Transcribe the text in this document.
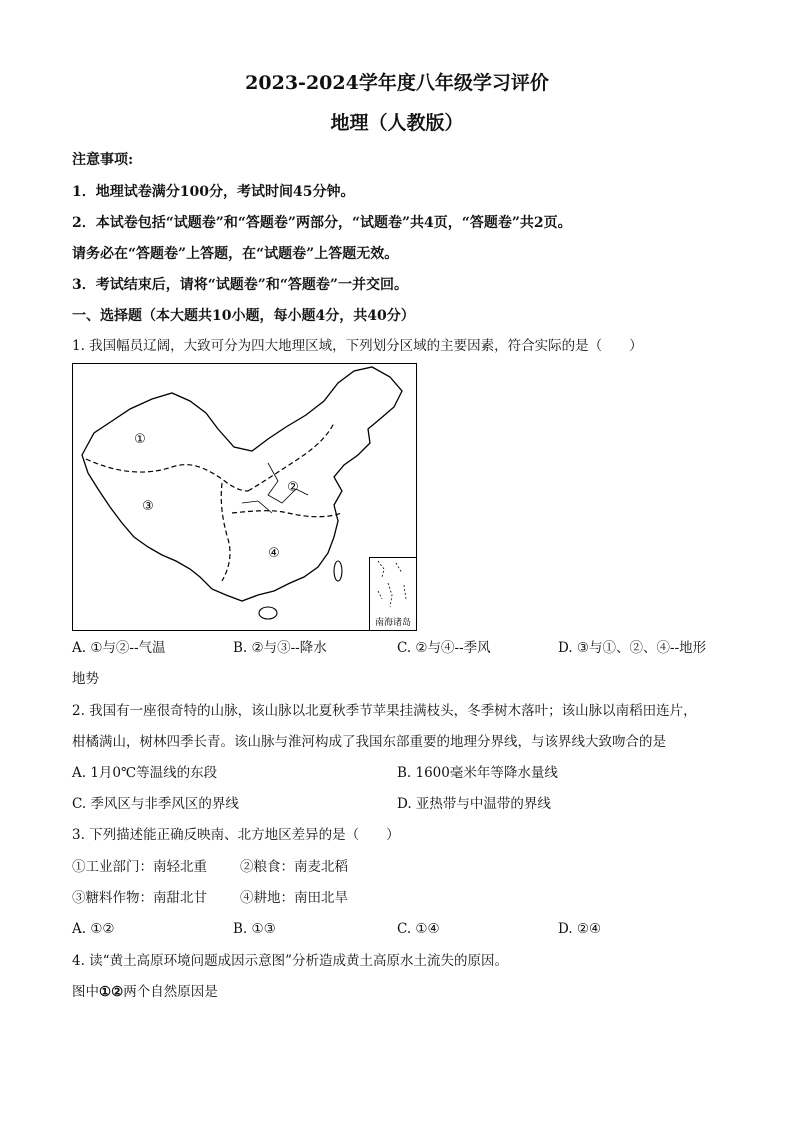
2023-2024学年度八年级学习评价
地理（人教版）
注意事项:
1．地理试卷满分100分，考试时间45分钟。
2．本试卷包括“试题卷”和“答题卷”两部分，“试题卷”共4页，“答题卷”共2页。
请务必在“答题卷”上答题，在“试题卷”上答题无效。
3．考试结束后，请将“试题卷”和“答题卷”一并交回。
一、选择题（本大题共10小题，每小题4分，共40分）
1. 我国幅员辽阔，大致可分为四大地理区域，下列划分区域的主要因素，符合实际的是（　　）
①
②
③
④
南海诸岛
A. ①与②--气温	B. ②与③--降水	C. ②与④--季风	D. ③与①、②、④--地形
地势
2. 我国有一座很奇特的山脉，该山脉以北夏秋季节苹果挂满枝头，冬季树木落叶；该山脉以南稻田连片，
柑橘满山，树林四季长青。该山脉与淮河构成了我国东部重要的地理分界线，与该界线大致吻合的是
A. 1月0℃等温线的东段	B. 1600毫米年等降水量线
C. 季风区与非季风区的界线	D. 亚热带与中温带的界线
3. 下列描述能正确反映南、北方地区差异的是（　　）
①工业部门：南轻北重 ②粮食：南麦北稻
③糖料作物：南甜北甘 ④耕地：南田北旱
A. ①②	B. ①③	C. ①④	D. ②④
4. 读“黄土高原环境问题成因示意图”分析造成黄土高原水土流失的原因。
图中①②两个自然原因是
